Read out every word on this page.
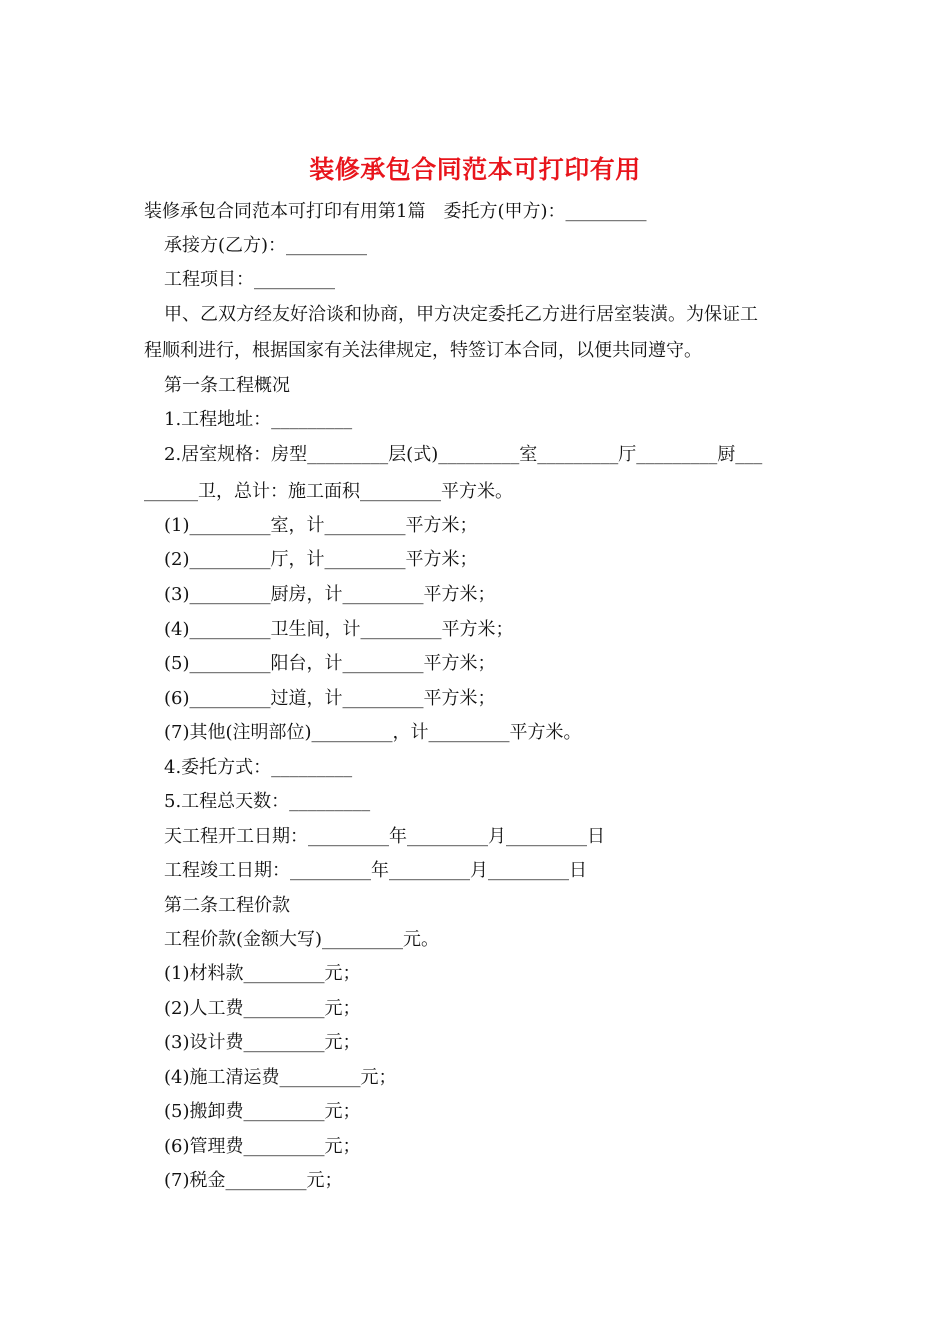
装修承包合同范本可打印有用
装修承包合同范本可打印有用第1篇　委托方(甲方)：_________
承接方(乙方)：_________
工程项目：_________
甲、乙双方经友好洽谈和协商，甲方决定委托乙方进行居室装潢。为保证工
程顺利进行，根据国家有关法律规定，特签订本合同，以便共同遵守。
第一条工程概况
1.工程地址：_________
2.居室规格：房型_________层(式)_________室_________厅_________厨___
______卫，总计：施工面积_________平方米。
(1)_________室，计_________平方米；
(2)_________厅，计_________平方米；
(3)_________厨房，计_________平方米；
(4)_________卫生间，计_________平方米；
(5)_________阳台，计_________平方米；
(6)_________过道，计_________平方米；
(7)其他(注明部位)_________，计_________平方米。
4.委托方式：_________
5.工程总天数：_________
天工程开工日期：_________年_________月_________日
工程竣工日期：_________年_________月_________日
第二条工程价款
工程价款(金额大写)_________元。
(1)材料款_________元；
(2)人工费_________元；
(3)设计费_________元；
(4)施工清运费_________元；
(5)搬卸费_________元；
(6)管理费_________元；
(7)税金_________元；
